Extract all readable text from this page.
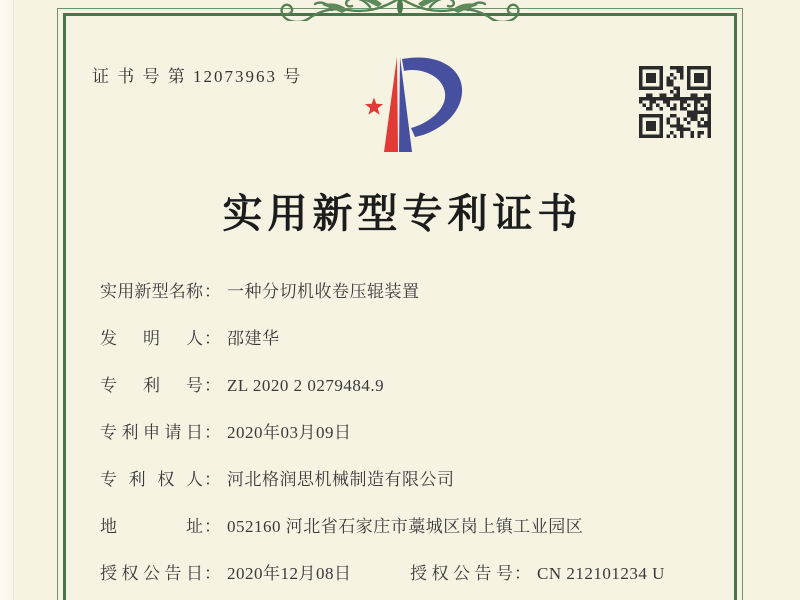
证 书 号 第 12073963 号
实用新型专利证书
实用新型名称： 一种分切机收卷压辊装置
发明人： 邵建华
专利号： ZL 2020 2 0279484.9
专利申请日： 2020年03月09日
专利权人： 河北格润思机械制造有限公司
地址： 052160 河北省石家庄市藁城区岗上镇工业园区
授权公告日： 2020年12月08日	授权公告号： CN 212101234 U
